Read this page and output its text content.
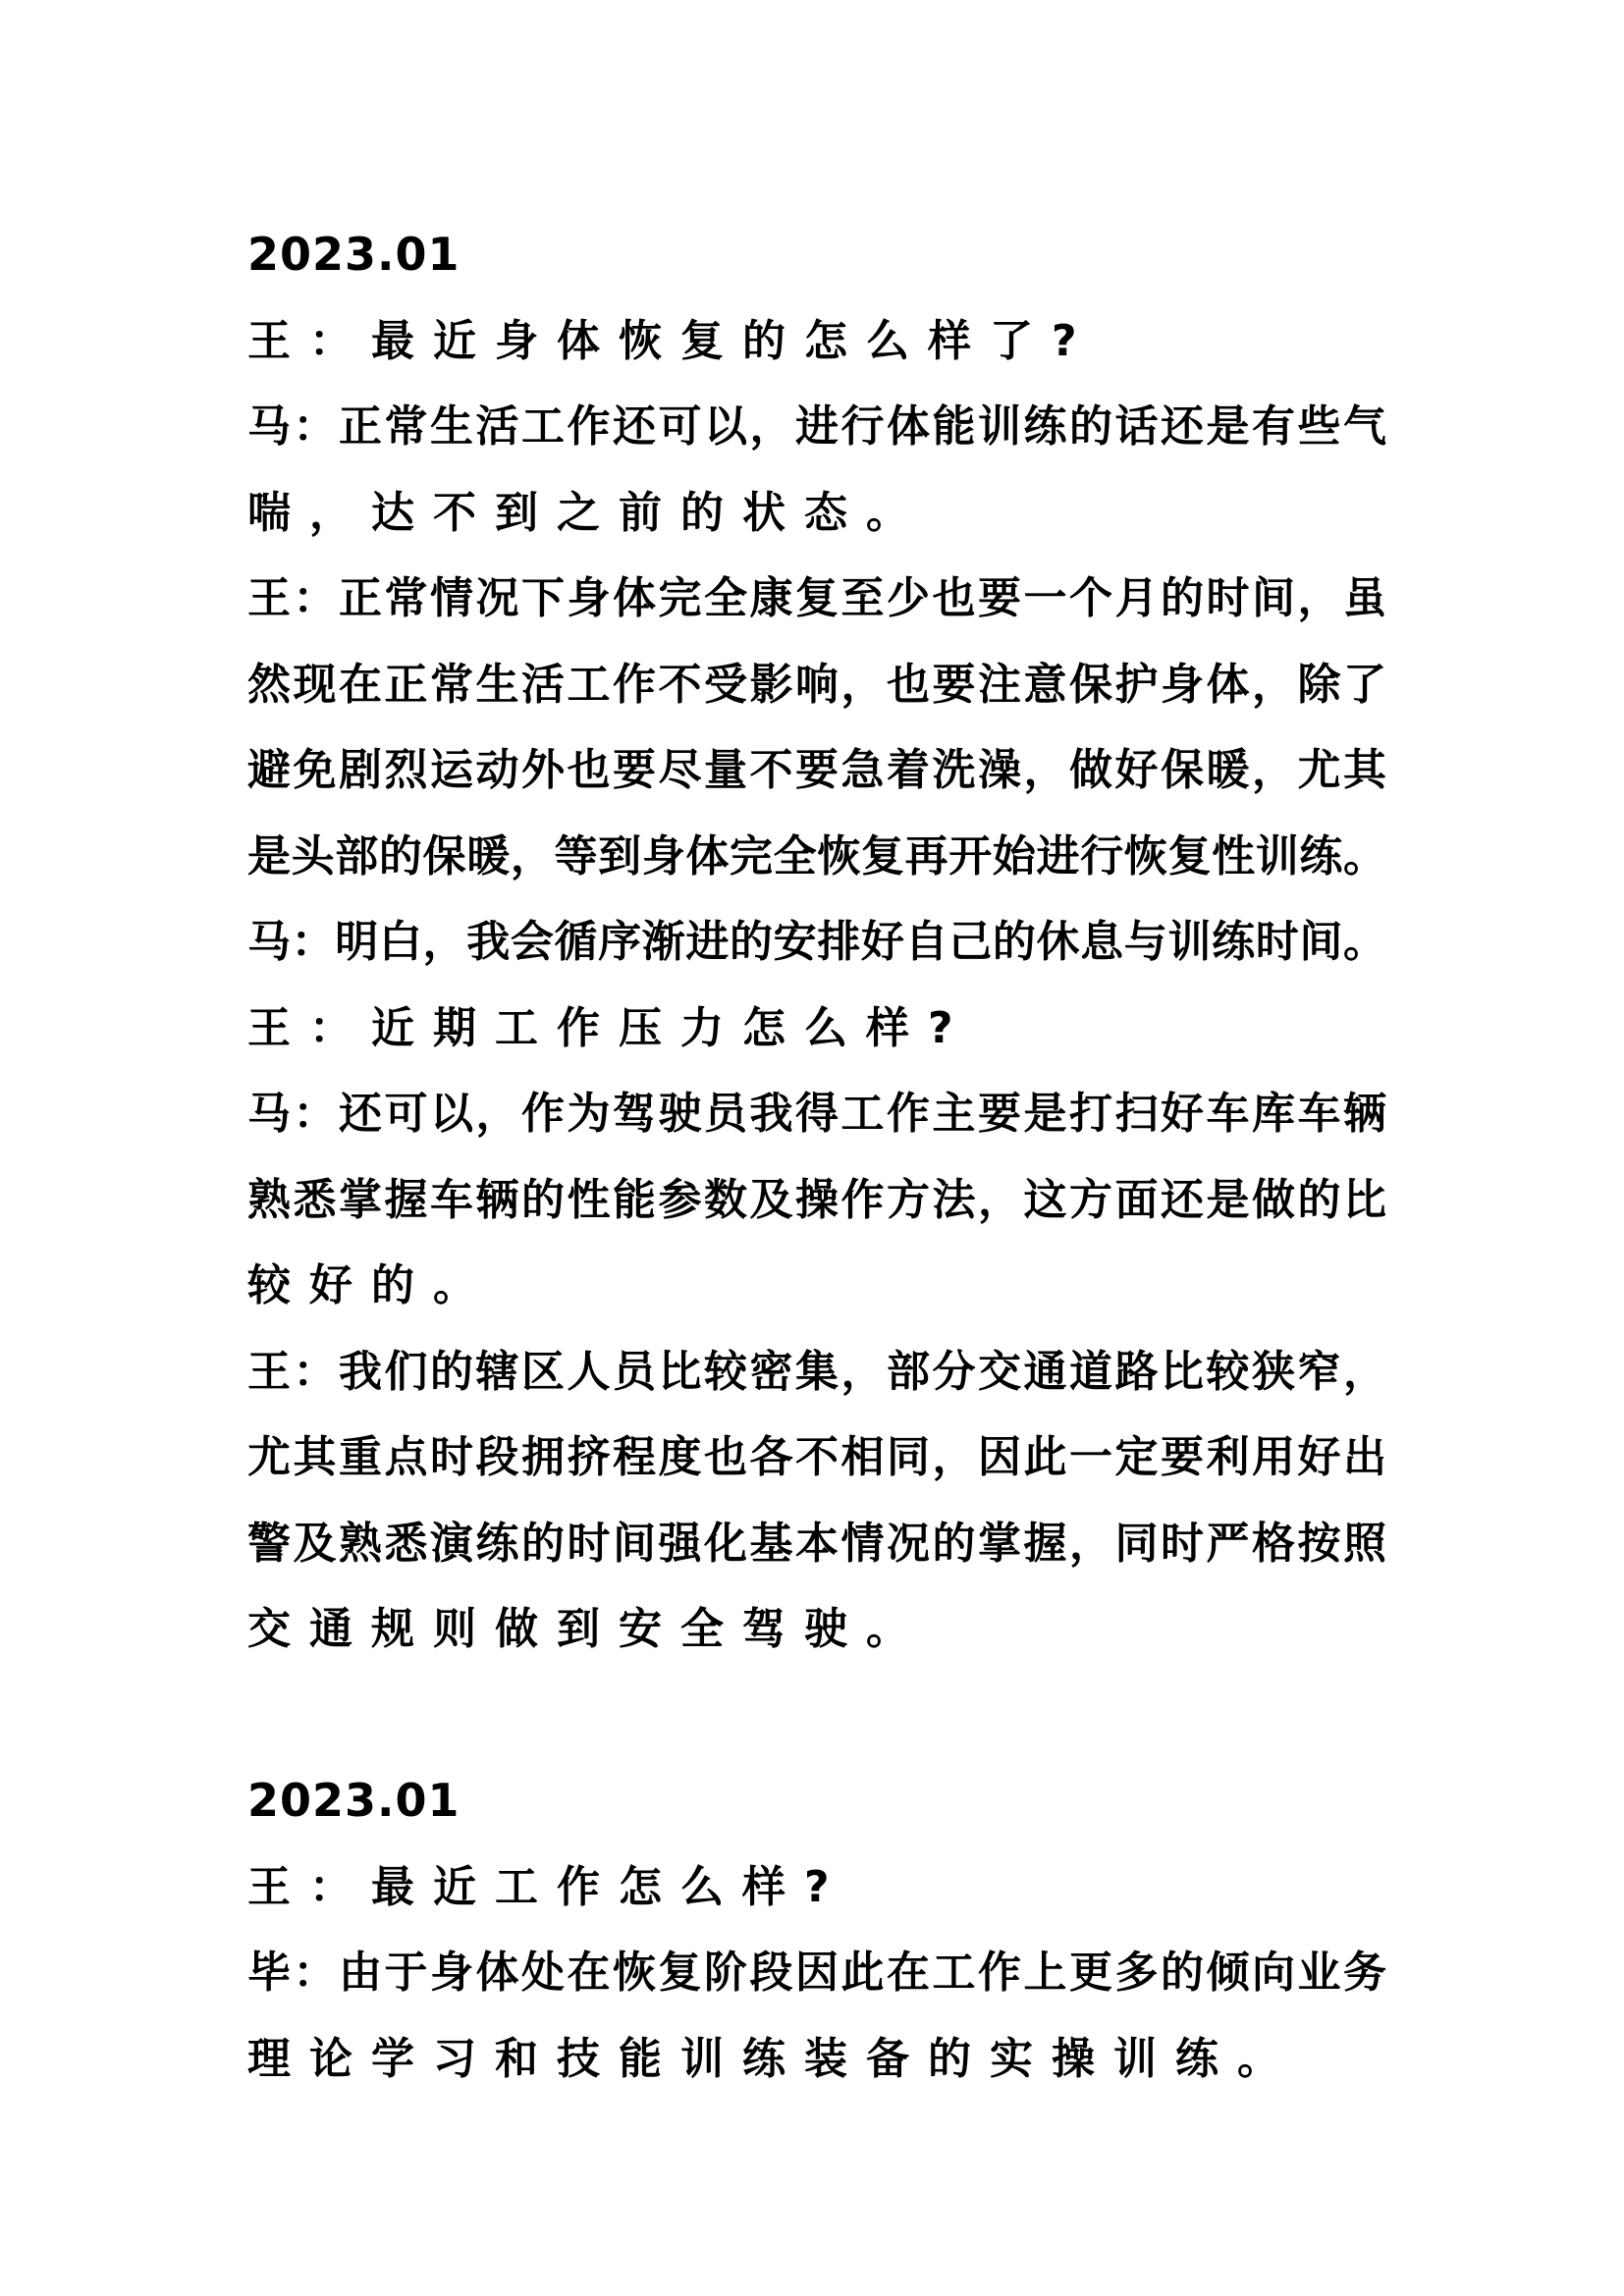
2023.01
王：最近身体恢复的怎么样了?
马：正常生活工作还可以，进行体能训练的话还是有些气
喘，达不到之前的状态。
王：正常情况下身体完全康复至少也要一个月的时间，虽
然现在正常生活工作不受影响，也要注意保护身体，除了
避免剧烈运动外也要尽量不要急着洗澡，做好保暖，尤其
是头部的保暖，等到身体完全恢复再开始进行恢复性训练。
马：明白，我会循序渐进的安排好自己的休息与训练时间。
王：近期工作压力怎么样?
马：还可以，作为驾驶员我得工作主要是打扫好车库车辆
熟悉掌握车辆的性能参数及操作方法，这方面还是做的比
较好的。
王：我们的辖区人员比较密集，部分交通道路比较狭窄，
尤其重点时段拥挤程度也各不相同，因此一定要利用好出
警及熟悉演练的时间强化基本情况的掌握，同时严格按照
交通规则做到安全驾驶。
2023.01
王：最近工作怎么样?
毕：由于身体处在恢复阶段因此在工作上更多的倾向业务
理论学习和技能训练装备的实操训练。
